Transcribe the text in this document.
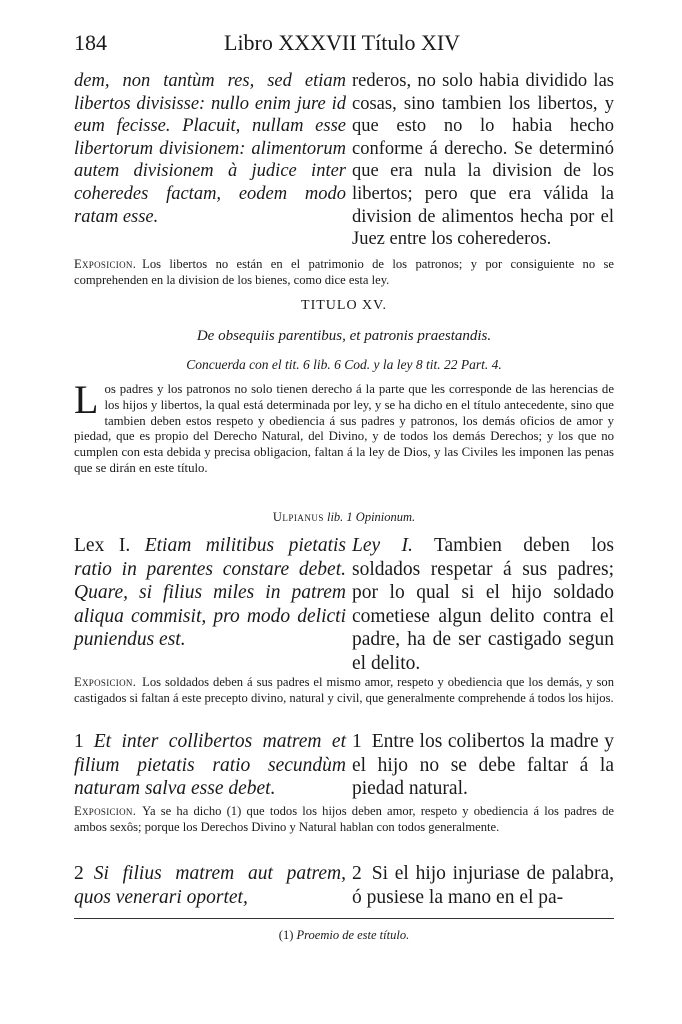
184	Libro XXXVII Título XIV
dem, non tantùm res, sed etiam libertos divisisse: nullo enim jure id eum fecisse. Placuit, nullam esse libertorum divisionem: alimentorum autem divisionem à judice inter coheredes factam, eodem modo ratam esse.
rederos, no solo habia dividido las cosas, sino tambien los libertos, y que esto no lo habia hecho conforme á derecho. Se determinó que era nula la division de los libertos; pero que era válida la division de alimentos hecha por el Juez entre los coherederos.
Exposicion. Los libertos no están en el patrimonio de los patronos; y por consiguiente no se comprehenden en la division de los bienes, como dice esta ley.
TITULO XV.
De obsequiis parentibus, et patronis praestandis.
Concuerda con el tit. 6 lib. 6 Cod. y la ley 8 tit. 22 Part. 4.
Los padres y los patronos no solo tienen derecho á la parte que les corresponde de las herencias de los hijos y libertos, la qual está determinada por ley, y se ha dicho en el título antecedente, sino que tambien deben estos respeto y obediencia á sus padres y patronos, los demás oficios de amor y piedad, que es propio del Derecho Natural, del Divino, y de todos los demás Derechos; y los que no cumplen con esta debida y precisa obligacion, faltan á la ley de Dios, y las Civiles les imponen las penas que se dirán en este título.
Ulpianus lib. 1 Opinionum.
Lex I. Etiam militibus pietatis ratio in parentes constare debet. Quare, si filius miles in patrem aliqua commisit, pro modo delicti puniendus est.
Ley I. Tambien deben los soldados respetar á sus padres; por lo qual si el hijo soldado cometiese algun delito contra el padre, ha de ser castigado segun el delito.
Exposicion. Los soldados deben á sus padres el mismo amor, respeto y obediencia que los demás, y son castigados si faltan á este precepto divino, natural y civil, que generalmente comprehende á todos los hijos.
1 Et inter collibertos matrem et filium pietatis ratio secundùm naturam salva esse debet.
1 Entre los colibertos la madre y el hijo no se debe faltar á la piedad natural.
Exposicion. Ya se ha dicho (1) que todos los hijos deben amor, respeto y obediencia á los padres de ambos sexôs; porque los Derechos Divino y Natural hablan con todos generalmente.
2 Si filius matrem aut patrem, quos venerari oportet,
2 Si el hijo injuriase de palabra, ó pusiese la mano en el pa-
(1) Proemio de este título.
